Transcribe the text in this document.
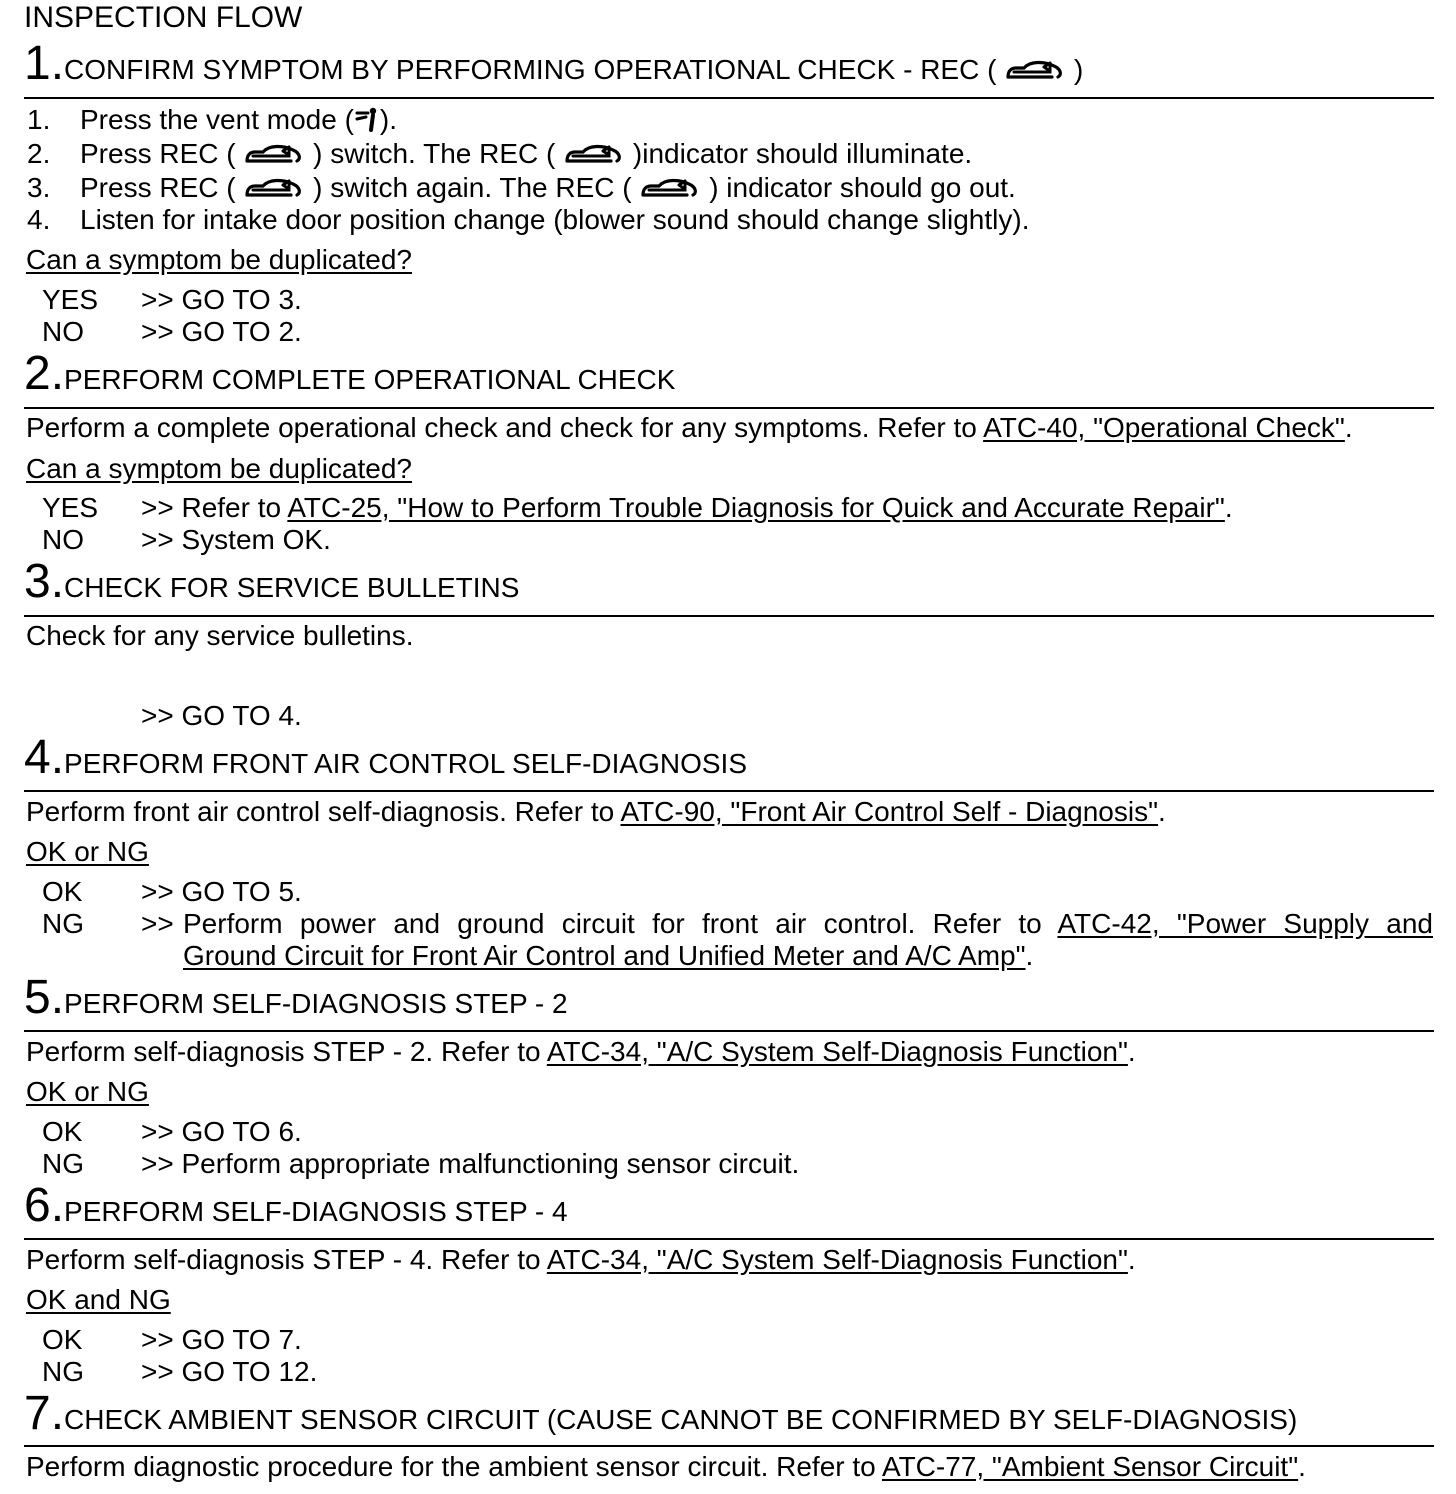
INSPECTION FLOW
1.CONFIRM SYMPTOM BY PERFORMING OPERATIONAL CHECK - REC (	)
1. Press the vent mode ( ).
2. Press REC (	) switch. The REC (	)indicator should illuminate.
3. Press REC (	) switch again. The REC (	) indicator should go out.
4. Listen for intake door position change (blower sound should change slightly).
Can a symptom be duplicated?
YES >> GO TO 3.
NO >> GO TO 2.
2.PERFORM COMPLETE OPERATIONAL CHECK
Perform a complete operational check and check for any symptoms. Refer to ATC-40, "Operational Check".
Can a symptom be duplicated?
YES >> Refer to ATC-25, "How to Perform Trouble Diagnosis for Quick and Accurate Repair".
NO >> System OK.
3.CHECK FOR SERVICE BULLETINS
Check for any service bulletins.
>> GO TO 4.
4.PERFORM FRONT AIR CONTROL SELF-DIAGNOSIS
Perform front air control self-diagnosis. Refer to ATC-90, "Front Air Control Self - Diagnosis".
OK or NG
OK >> GO TO 5.
NG >> Perform power and ground circuit for front air control. Refer to ATC-42, "Power Supply and
Ground Circuit for Front Air Control and Unified Meter and A/C Amp".
5.PERFORM SELF-DIAGNOSIS STEP - 2
Perform self-diagnosis STEP - 2. Refer to ATC-34, "A/C System Self-Diagnosis Function".
OK or NG
OK >> GO TO 6.
NG >> Perform appropriate malfunctioning sensor circuit.
6.PERFORM SELF-DIAGNOSIS STEP - 4
Perform self-diagnosis STEP - 4. Refer to ATC-34, "A/C System Self-Diagnosis Function".
OK and NG
OK >> GO TO 7.
NG >> GO TO 12.
7.CHECK AMBIENT SENSOR CIRCUIT (CAUSE CANNOT BE CONFIRMED BY SELF-DIAGNOSIS)
Perform diagnostic procedure for the ambient sensor circuit. Refer to ATC-77, "Ambient Sensor Circuit".
